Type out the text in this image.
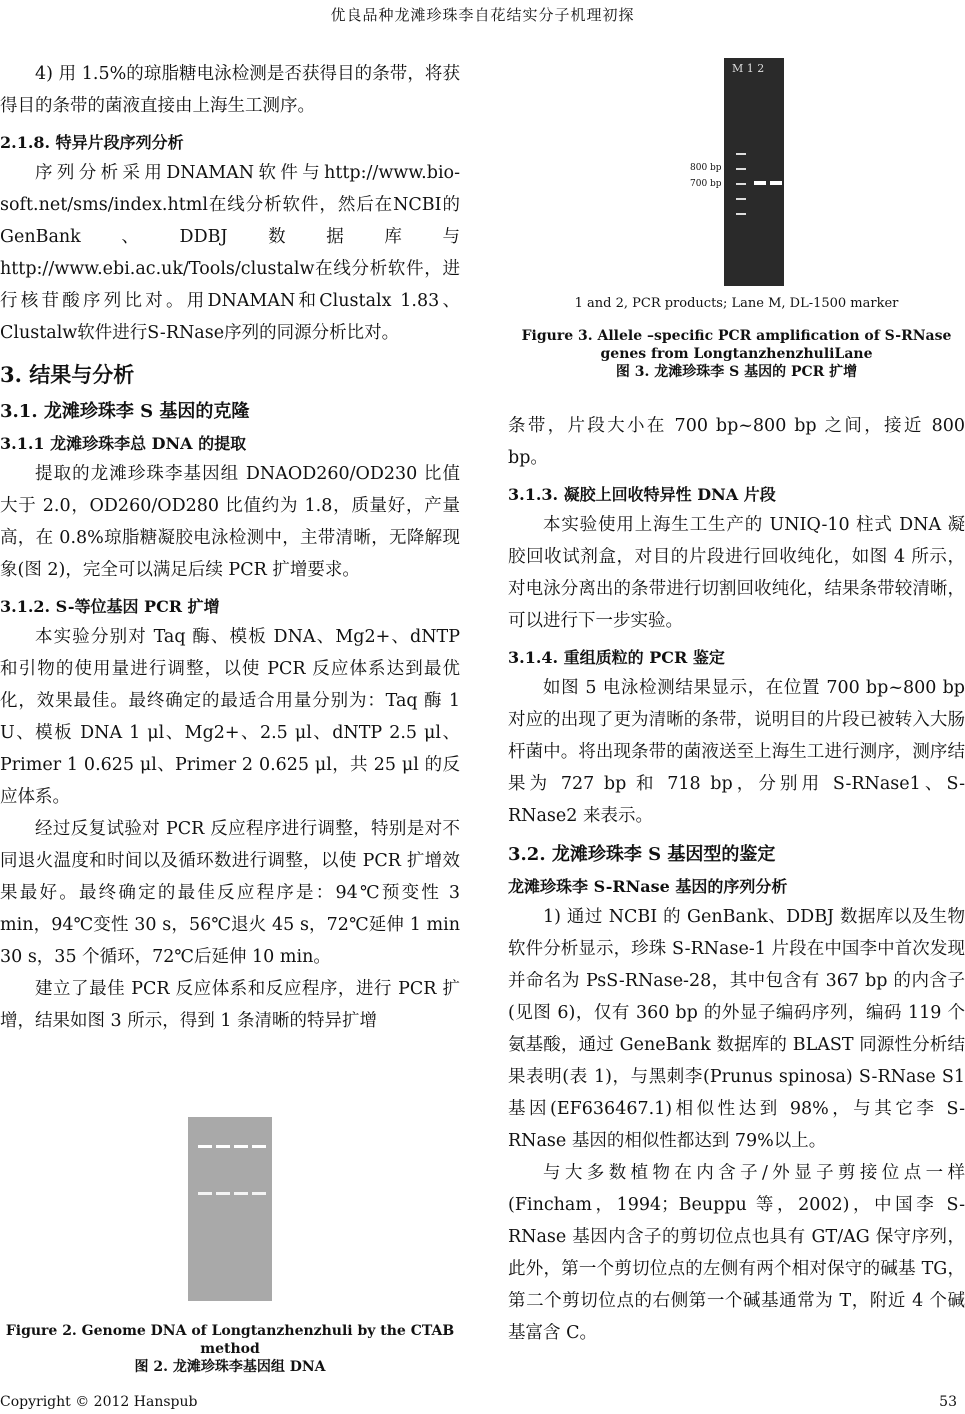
优良品种龙滩珍珠李自花结实分子机理初探

4) 用 1.5%的琼脂糖电泳检测是否获得目的条带，将获得目的条带的菌液直接由上海生工测序。

2.1.8. 特异片段序列分析

序列分析采用DNAMAN软件与http://www.bio-soft.net/sms/index.html在线分析软件，然后在NCBI的GenBank、DDBJ数据库与http://www.ebi.ac.uk/Tools/clustalw在线分析软件，进行核苷酸序列比对。用DNAMAN和Clustalx 1.83、Clustalw软件进行S-RNase序列的同源分析比对。

3. 结果与分析
3.1. 龙滩珍珠李 S 基因的克隆
3.1.1 龙滩珍珠李总 DNA 的提取

提取的龙滩珍珠李基因组 DNAOD260/OD230 比值大于 2.0，OD260/OD280 比值约为 1.8，质量好，产量高，在 0.8%琼脂糖凝胶电泳检测中，主带清晰，无降解现象(图 2)，完全可以满足后续 PCR 扩增要求。

3.1.2. S-等位基因 PCR 扩增

本实验分别对 Taq 酶、模板 DNA、Mg2+、dNTP 和引物的使用量进行调整，以使 PCR 反应体系达到最优化，效果最佳。最终确定的最适合用量分别为：Taq 酶 1 U、模板 DNA 1 μl、Mg2+、2.5 μl、dNTP 2.5 μl、Primer 1 0.625 μl、Primer 2 0.625 μl，共 25 μl 的反应体系。

经过反复试验对 PCR 反应程序进行调整，特别是对不同退火温度和时间以及循环数进行调整，以使 PCR 扩增效果最好。最终确定的最佳反应程序是：94℃预变性 3 min，94℃变性 30 s，56℃退火 45 s，72℃延伸 1 min 30 s，35 个循环，72℃后延伸 10 min。

建立了最佳 PCR 反应体系和反应程序，进行 PCR 扩增，结果如图 3 所示，得到 1 条清晰的特异扩增

Figure 2. Genome DNA of Longtanzhenzhuli by the CTAB method
图 2. 龙滩珍珠李基因组 DNA
M 1 2
800 bp
700 bp
1 and 2, PCR products; Lane M, DL-1500 marker
Figure 3. Allele –specific PCR amplification of S-RNase genes from LongtanzhenzhuliLane
图 3. 龙滩珍珠李 S 基因的 PCR 扩增

条带，片段大小在 700 bp~800 bp 之间，接近 800 bp。

3.1.3. 凝胶上回收特异性 DNA 片段

本实验使用上海生工生产的 UNIQ-10 柱式 DNA 凝胶回收试剂盒，对目的片段进行回收纯化，如图 4 所示，对电泳分离出的条带进行切割回收纯化，结果条带较清晰，可以进行下一步实验。

3.1.4. 重组质粒的 PCR 鉴定

如图 5 电泳检测结果显示，在位置 700 bp~800 bp 对应的出现了更为清晰的条带，说明目的片段已被转入大肠杆菌中。将出现条带的菌液送至上海生工进行测序，测序结果为 727 bp 和 718 bp，分别用 S-RNase1、S-RNase2 来表示。

3.2. 龙滩珍珠李 S 基因型的鉴定
龙滩珍珠李 S-RNase 基因的序列分析

1) 通过 NCBI 的 GenBank、DDBJ 数据库以及生物软件分析显示，珍珠 S-RNase-1 片段在中国李中首次发现并命名为 PsS-RNase-28，其中包含有 367 bp 的内含子(见图 6)，仅有 360 bp 的外显子编码序列，编码 119 个氨基酸，通过 GeneBank 数据库的 BLAST 同源性分析结果表明(表 1)，与黑刺李(Prunus spinosa) S-RNase S1 基因(EF636467.1)相似性达到 98%，与其它李 S-RNase 基因的相似性都达到 79%以上。

与大多数植物在内含子/外显子剪接位点一样(Fincham，1994；Beuppu 等，2002)，中国李 S-RNase 基因内含子的剪切位点也具有 GT/AG 保守序列，此外，第一个剪切位点的左侧有两个相对保守的碱基 TG，第二个剪切位点的右侧第一个碱基通常为 T，附近 4 个碱基富含 C。

Copyright © 2012 Hanspub	53
